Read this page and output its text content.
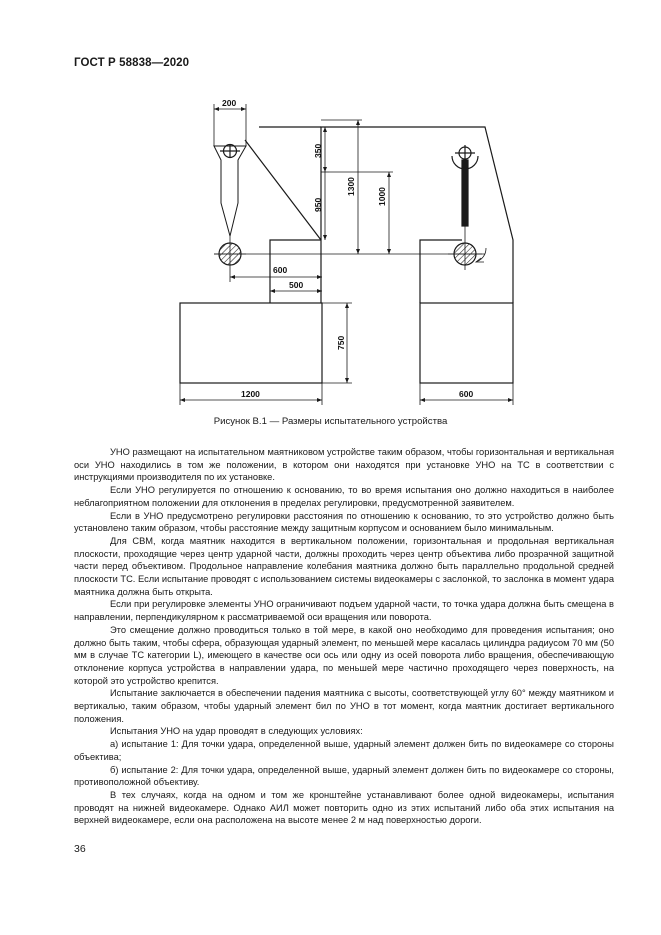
ГОСТ Р 58838—2020
200
350
950
1300
1000
600
500
750
1200	600
Рисунок В.1 — Размеры испытательного устройства

УНО размещают на испытательном маятниковом устройстве таким образом, чтобы горизонтальная и вертикальная оси УНО находились в том же положении, в котором они находятся при установке УНО на ТС в соответствии с инструкциями производителя по их установке.

Если УНО регулируется по отношению к основанию, то во время испытания оно должно находиться в наиболее неблагоприятном положении для отклонения в пределах регулировки, предусмотренной заявителем.

Если в УНО предусмотрено регулировки расстояния по отношению к основанию, то это устройство должно быть установлено таким образом, чтобы расстояние между защитным корпусом и основанием было минимальным.

Для СВМ, когда маятник находится в вертикальном положении, горизонтальная и продольная вертикальная плоскости, проходящие через центр ударной части, должны проходить через центр объектива либо прозрачной защитной части перед объективом. Продольное направление колебания маятника должно быть параллельно продольной средней плоскости ТС. Если испытание проводят с использованием системы видеокамеры с заслонкой, то заслонка в момент удара маятника должна быть открыта.

Если при регулировке элементы УНО ограничивают подъем ударной части, то точка удара должна быть смещена в направлении, перпендикулярном к рассматриваемой оси вращения или поворота.

Это смещение должно проводиться только в той мере, в какой оно необходимо для проведения испытания; оно должно быть таким, чтобы сфера, образующая ударный элемент, по меньшей мере касалась цилиндра радиусом 70 мм (50 мм в случае ТС категории L), имеющего в качестве оси ось или одну из осей поворота либо вращения, обеспечивающую отклонение корпуса устройства в направлении удара, по меньшей мере частично проходящего через поверхность, на которой это устройство крепится.

Испытание заключается в обеспечении падения маятника с высоты, соответствующей углу 60° между маятником и вертикалью, таким образом, чтобы ударный элемент бил по УНО в тот момент, когда маятник достигает вертикального положения.

Испытания УНО на удар проводят в следующих условиях:

а) испытание 1: Для точки удара, определенной выше, ударный элемент должен бить по видеокамере со стороны объектива;

б) испытание 2: Для точки удара, определенной выше, ударный элемент должен бить по видеокамере со стороны, противоположной объективу.

В тех случаях, когда на одном и том же кронштейне устанавливают более одной видеокамеры, испытания проводят на нижней видеокамере. Однако АИЛ может повторить одно из этих испытаний либо оба этих испытания на верхней видеокамере, если она расположена на высоте менее 2 м над поверхностью дороги.

36
